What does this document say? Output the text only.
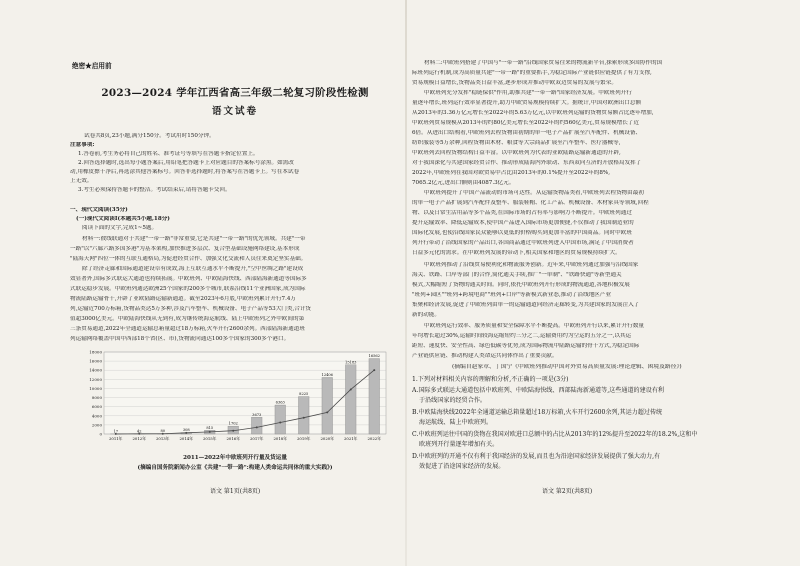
绝密★启用前
2023—2024 学年江西省高三年级二轮复习阶段性检测
语文试卷
试卷共8页,23小题,满分150分。考试用时150分钟。
注意事项:
1.答卷前,考生务必将自己的姓名、准考证号等填写在答题卡指定位置上。
2.回答选择题时,选出每小题答案后,用铅笔把答题卡上对应题目的答案标号涂黑。如需改
动,用橡皮擦干净后,再选涂其他答案标号。回答非选择题时,将答案写在答题卡上。写在本试卷
上无效。
3.考生必须保持答题卡的整洁。考试结束后,请将答题卡交回。
一、现代文阅读(35分)
(一)现代文阅读Ⅰ(本题共5小题,18分)
阅读下面的文字,完成1~5题。
材料一:彼线联通对于共建"一带一路"非常重要,它是共建"一带一路"的优先领域。共建"一带
一路"以"六廊六路多国多港"为基本架构,加快推进多层次、复合型基础设施网络建设,基本形成
"陆海天网"四位一体的互联互通格局,为促进经贸合作、加强文化交流和人员往来奠定坚实基础。
除了经济走廊和国际通道建设卓有成效,海上互联互通水平不断提升,"空中丝绸之路"建设成
效显著外,国际多式联运大通道也持续拓展。中欧班列、中欧陆海快线、西部陆海新通道等国际多
式联运稳步发展。中欧班列通达欧洲25个国家的200多个城市,联系沿线11个亚洲国家,成为国际
物流陆路运输骨干,开辟了亚欧陆路运输新通道。截至2023年6月底,中欧班列累计开行7.4万
列,运输近700万标箱,货物品类达5万多种,涉及汽车整车、机械设备、电子产品等53大门类,合计货
值超3000亿美元。中欧陆海快线从无到有,成为继传统海运航线、陆上中欧班列之外中欧间的第
三条贸易通道,2022年全通道运输总箱量超过18万标箱,火车开行2600余列。西部陆海新通道班
列运输网络覆盖中国中西部18个省(区、市),货物流向通达100多个国家的300多个港口。
0
2000
4000
6000
8000
10000
12000
14000
16000
18000
17
2011年
42
2012年
80
2013年
308
2014年
815
2015年
1702
2016年
3673
2017年
6363
2018年
8225
2019年
12406
2020年
15183
2021年
16562
2022年
2011—2022年中欧班列开行量及货运量
(摘编自国务院新闻办公室《共建"一带一路":构建人类命运共同体的重大实践》)
语文 第1页(共8页)
材料二:中欧班列搭建了中国与"一带一路"沿线国家贸易往来的物流新平台,探索形成多国协作的国
际班列运行机制,成为高质量共建"一带一路"的重要抓手,为稳定国际产业链供应链提供了有力支撑,
贸易规模日益增长,货物品类日益丰富,逐步形成并推动中欧双边贸易的发展与繁荣。
中欧班列充分发挥"稳链保供"作用,助推共建"一带一路"国家经济发展。中欧班列开行
量逐年增长,班列运行效率显著提升,助力中欧贸易规模持续扩大。据统计,中国对欧洲出口总额
从2013年的3.36万亿元增长至2022年的5.63万亿元,以中欧班列运输的货物贸易额占比逐年增加,
中欧班列贸易规模从2013年的约80亿美元增长至2022年的约560亿美元,贸易规模增长了近
6倍。从进出口结构看,中欧班列去程货物由初期的单一电子产品扩展至汽车配件、机械设备、
纺织服装等5万余种,回程货物由木材、粮食等大宗商品扩展至汽车整车、医疗器械等,
中欧班列去回程货物结构日益丰富。以中欧班列为代表的亚欧陆路运输新通道的开辟,
对于我国深化与共建国家经贸合作、推动形成陆海内外联动、东西双向互济的开放格局发挥了
2022年,中欧班列在我国对欧贸易中占比由2013年的0.1%提升至2022年的8%,
7065.2亿元,进出口额则由4087.3亿元。
中欧班列提升了中国产品流动的市场可达性。从运输货物品类看,中欧班列去程货物由最初
的单一电子产品扩展到汽车配件及整车、服装鞋帽、化工产品、机械设备、木材家具等领域,回程
物、以及日常生活用品等多个品类,在国际市场的占有率与影响力不断提升。中欧班列通过
提升运输效率、降低运输成本,使中国产品进入国际市场更加便捷,不仅推动了我国制造业的
国际化发展,也使沿线国家民众能够以更低的价格购买到更加丰富的中国商品。同时中欧班
列开行带动了沿线国家的产品出口,各国商品通过中欧班列进入中国市场,满足了中国消费者
日益多元化的需求。在中欧班列发展的带动下,相关国家和地区的贸易规模持续扩大。
中欧班列推动了沿线贸易便利化和物流服务创新。近年来,中欧班列通过加强与沿线国家
海关、铁路、口岸等部门的合作,简化通关手续,推广"一单制"、"铁路快通"等新型通关
模式,大幅缩短了货物的通关时间。同时,依托中欧班列开行形成的物流通道,各地积极发展
"班列+园区""班列+跨境电商""班列+口岸"等新模式新业态,推动了沿线地区产业
集聚和经济发展,促进了中欧班列由单一的运输通道向经济走廊转变,为共建国家的发展注入了
新的动能。
中欧班列运行效率、服务质量和安全保障水平不断提高。中欧班列开行以来,累计开行数量
年均增长超过30%,运输时间较海运缩短约三分之二,运输费用约为空运的五分之一,以其运
距短、速度快、安全性高、绿色低碳等优势,成为国际物流中陆路运输的骨干方式,为稳定国际
产业链供应链、推动构建人类命运共同体作出了重要贡献。
(摘编自赵家章、丁国宁《中欧班列推动中国对外贸易高质量发展:理论逻辑、困境及路径》)
1.下列对材料相关内容的理解和分析,不正确的一项是(3分)
A.国际多式联运大通道包括中欧班列、中欧陆海快线、西部陆海新通道等,这些通道的建设有利
于沿线国家的经贸合作。
B.中欧陆海快线2022年全通道运输总箱量超过18万标箱,火车开行2600余列,其运力超过传统
海运航线、陆上中欧班列。
C.中欧班列运往中国的货物在我国对欧进口总额中的占比从2013年的12%提升至2022年的18.2%,这和中
欧班列开行量逐年增加有关。
D.中欧班列的开通不仅有利于我国经济的发展,而且也为沿途国家经济发展提供了强大动力,有
效促进了沿途国家经济的发展。
语文 第2页(共8页)
